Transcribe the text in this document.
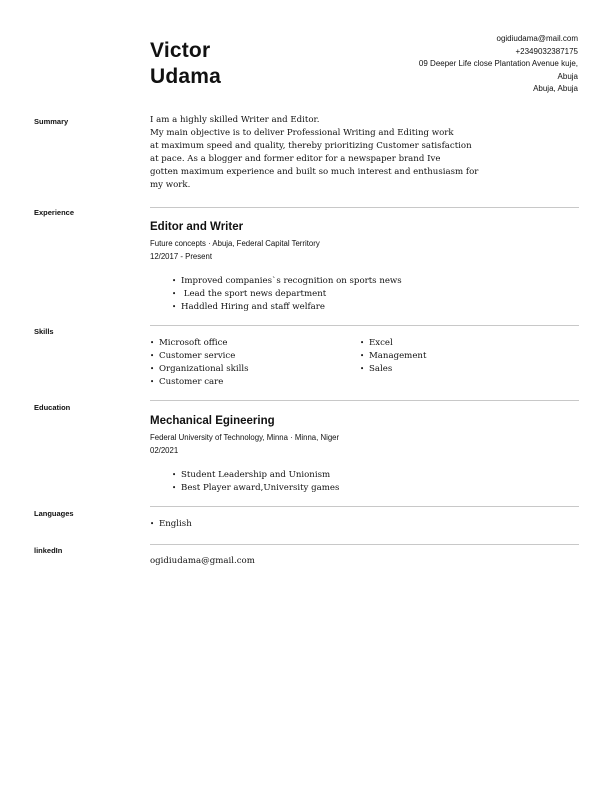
Victor
Udama
ogidiudama@mail.com
+2349032387175
09 Deeper Life close Plantation Avenue kuje,
Abuja
Abuja, Abuja
Summary	I am a highly skilled Writer and Editor.
My main objective is to deliver Professional Writing and Editing work
at maximum speed and quality, thereby prioritizing Customer satisfaction
at pace. As a blogger and former editor for a newspaper brand Ive
gotten maximum experience and built so much interest and enthusiasm for
my work.
Experience
Editor and Writer
Future concepts · Abuja, Federal Capital Territory
12/2017 - Present
• Improved companies`s recognition on sports news
•  Lead the sport news department
• Haddled Hiring and staff welfare
Skills
• Microsoft office
• Customer service
• Organizational skills
• Customer care
• Excel
• Management
• Sales
Education
Mechanical Egineering
Federal University of Technology, Minna · Minna, Niger
02/2021
• Student Leadership and Unionism
• Best Player award,University games
Languages
• English
linkedIn
ogidiudama@gmail.com
